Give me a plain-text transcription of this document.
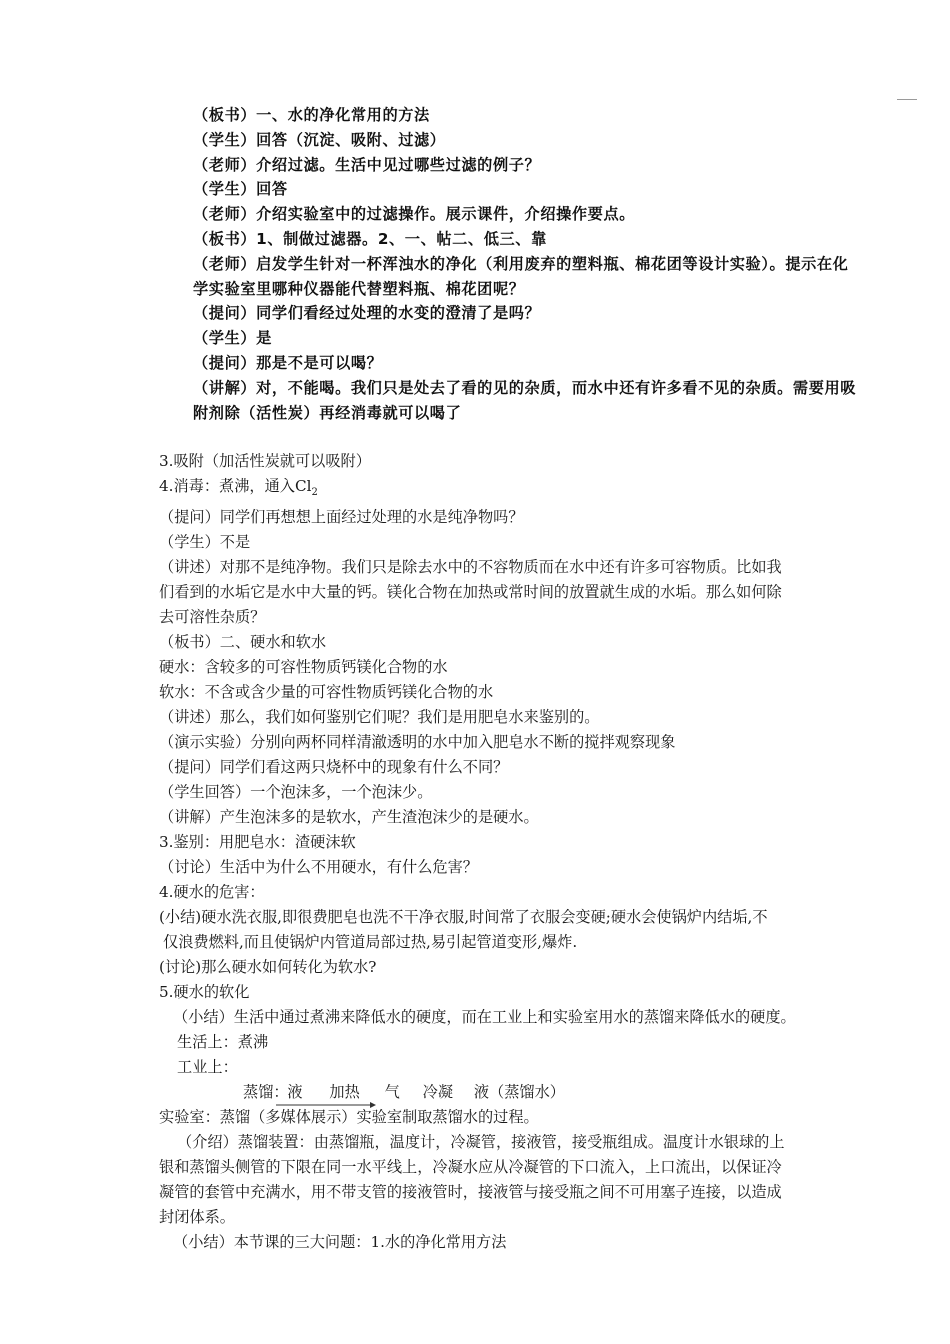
（板书）一、水的净化常用的方法
（学生）回答（沉淀、吸附、过滤）
（老师）介绍过滤。生活中见过哪些过滤的例子？
（学生）回答
（老师）介绍实验室中的过滤操作。展示课件，介绍操作要点。
（板书）1、制做过滤器。2、一、帖二、低三、靠
（老师）启发学生针对一杯浑浊水的净化（利用废弃的塑料瓶、棉花团等设计实验）。提示在化
学实验室里哪种仪器能代替塑料瓶、棉花团呢？
（提问）同学们看经过处理的水变的澄清了是吗？
（学生）是
（提问）那是不是可以喝？
（讲解）对，不能喝。我们只是处去了看的见的杂质，而水中还有许多看不见的杂质。需要用吸
附剂除（活性炭）再经消毒就可以喝了
3.吸附（加活性炭就可以吸附）
4.消毒：煮沸，通入$Cl_2$
（提问）同学们再想想上面经过处理的水是纯净物吗？
（学生）不是
（讲述）对那不是纯净物。我们只是除去水中的不容物质而在水中还有许多可容物质。比如我
们看到的水垢它是水中大量的钙。镁化合物在加热或常时间的放置就生成的水垢。那么如何除
去可溶性杂质？
（板书）二、硬水和软水
硬水：含较多的可容性物质钙镁化合物的水
软水：不含或含少量的可容性物质钙镁化合物的水
（讲述）那么，我们如何鉴别它们呢？我们是用肥皂水来鉴别的。
（演示实验）分别向两杯同样清澈透明的水中加入肥皂水不断的搅拌观察现象
（提问）同学们看这两只烧杯中的现象有什么不同？
（学生回答）一个泡沫多，一个泡沫少。
（讲解）产生泡沫多的是软水，产生渣泡沫少的是硬水。
3.鉴别：用肥皂水：渣硬沫软
（讨论）生活中为什么不用硬水，有什么危害？
4.硬水的危害：
(小结)硬水洗衣服,即很费肥皂也洗不干净衣服,时间常了衣服会变硬;硬水会使锅炉内结垢,不
仅浪费燃料,而且使锅炉内管道局部过热,易引起管道变形,爆炸.
(讨论)那么硬水如何转化为软水?
5.硬水的软化
（小结）生活中通过煮沸来降低水的硬度，而在工业上和实验室用水的蒸馏来降低水的硬度。
生活上：煮沸
工业上：
蒸馏： 液 加热 气 冷凝 液（蒸馏水）
实验室：蒸馏（多媒体展示）实验室制取蒸馏水的过程。
（介绍）蒸馏装置：由蒸馏瓶，温度计，冷凝管，接液管，接受瓶组成。温度计水银球的上
银和蒸馏头侧管的下限在同一水平线上，冷凝水应从冷凝管的下口流入，上口流出，以保证冷
凝管的套管中充满水，用不带支管的接液管时，接液管与接受瓶之间不可用塞子连接，以造成
封闭体系。
（小结）本节课的三大问题：1.水的净化常用方法
